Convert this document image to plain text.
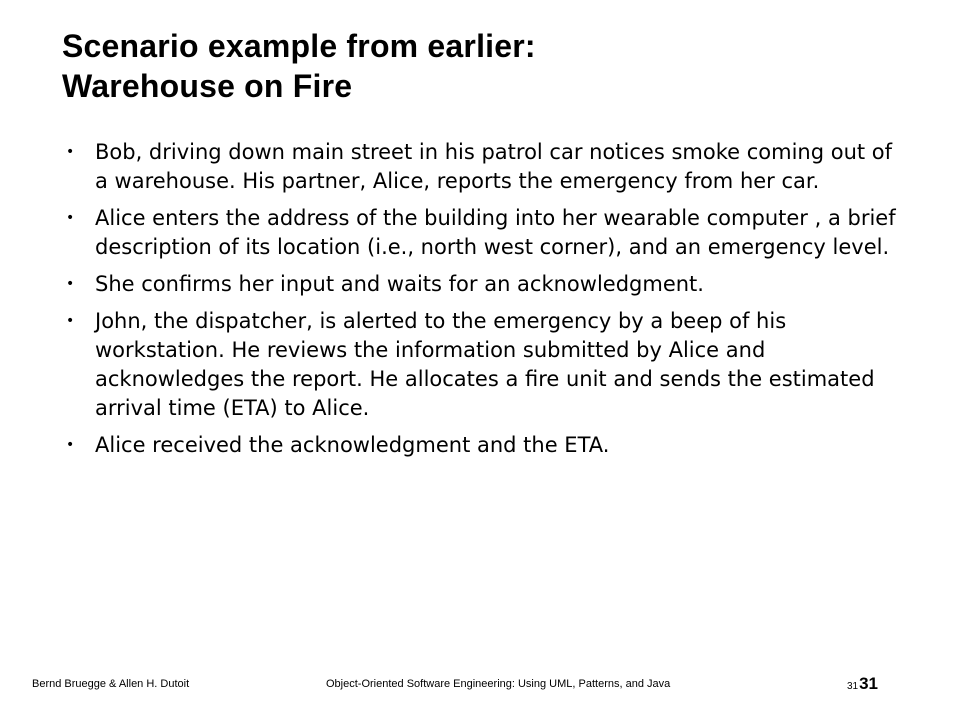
Scenario example from earlier:
Warehouse on Fire
• Bob, driving down main street in his patrol car notices smoke coming out of a warehouse. His partner, Alice, reports the emergency from her car.
• Alice enters the address of the building into her wearable computer , a brief description of its location (i.e., north west corner), and an emergency level.
• She confirms her input and waits for an acknowledgment.
• John, the dispatcher, is alerted to the emergency by a beep of his workstation. He reviews the information submitted by Alice and acknowledges the report. He allocates a fire unit and sends the estimated arrival time (ETA) to Alice.
• Alice received the acknowledgment and the ETA.
Bernd Bruegge & Allen H. Dutoit	Object-Oriented Software Engineering: Using UML, Patterns, and Java	3131
